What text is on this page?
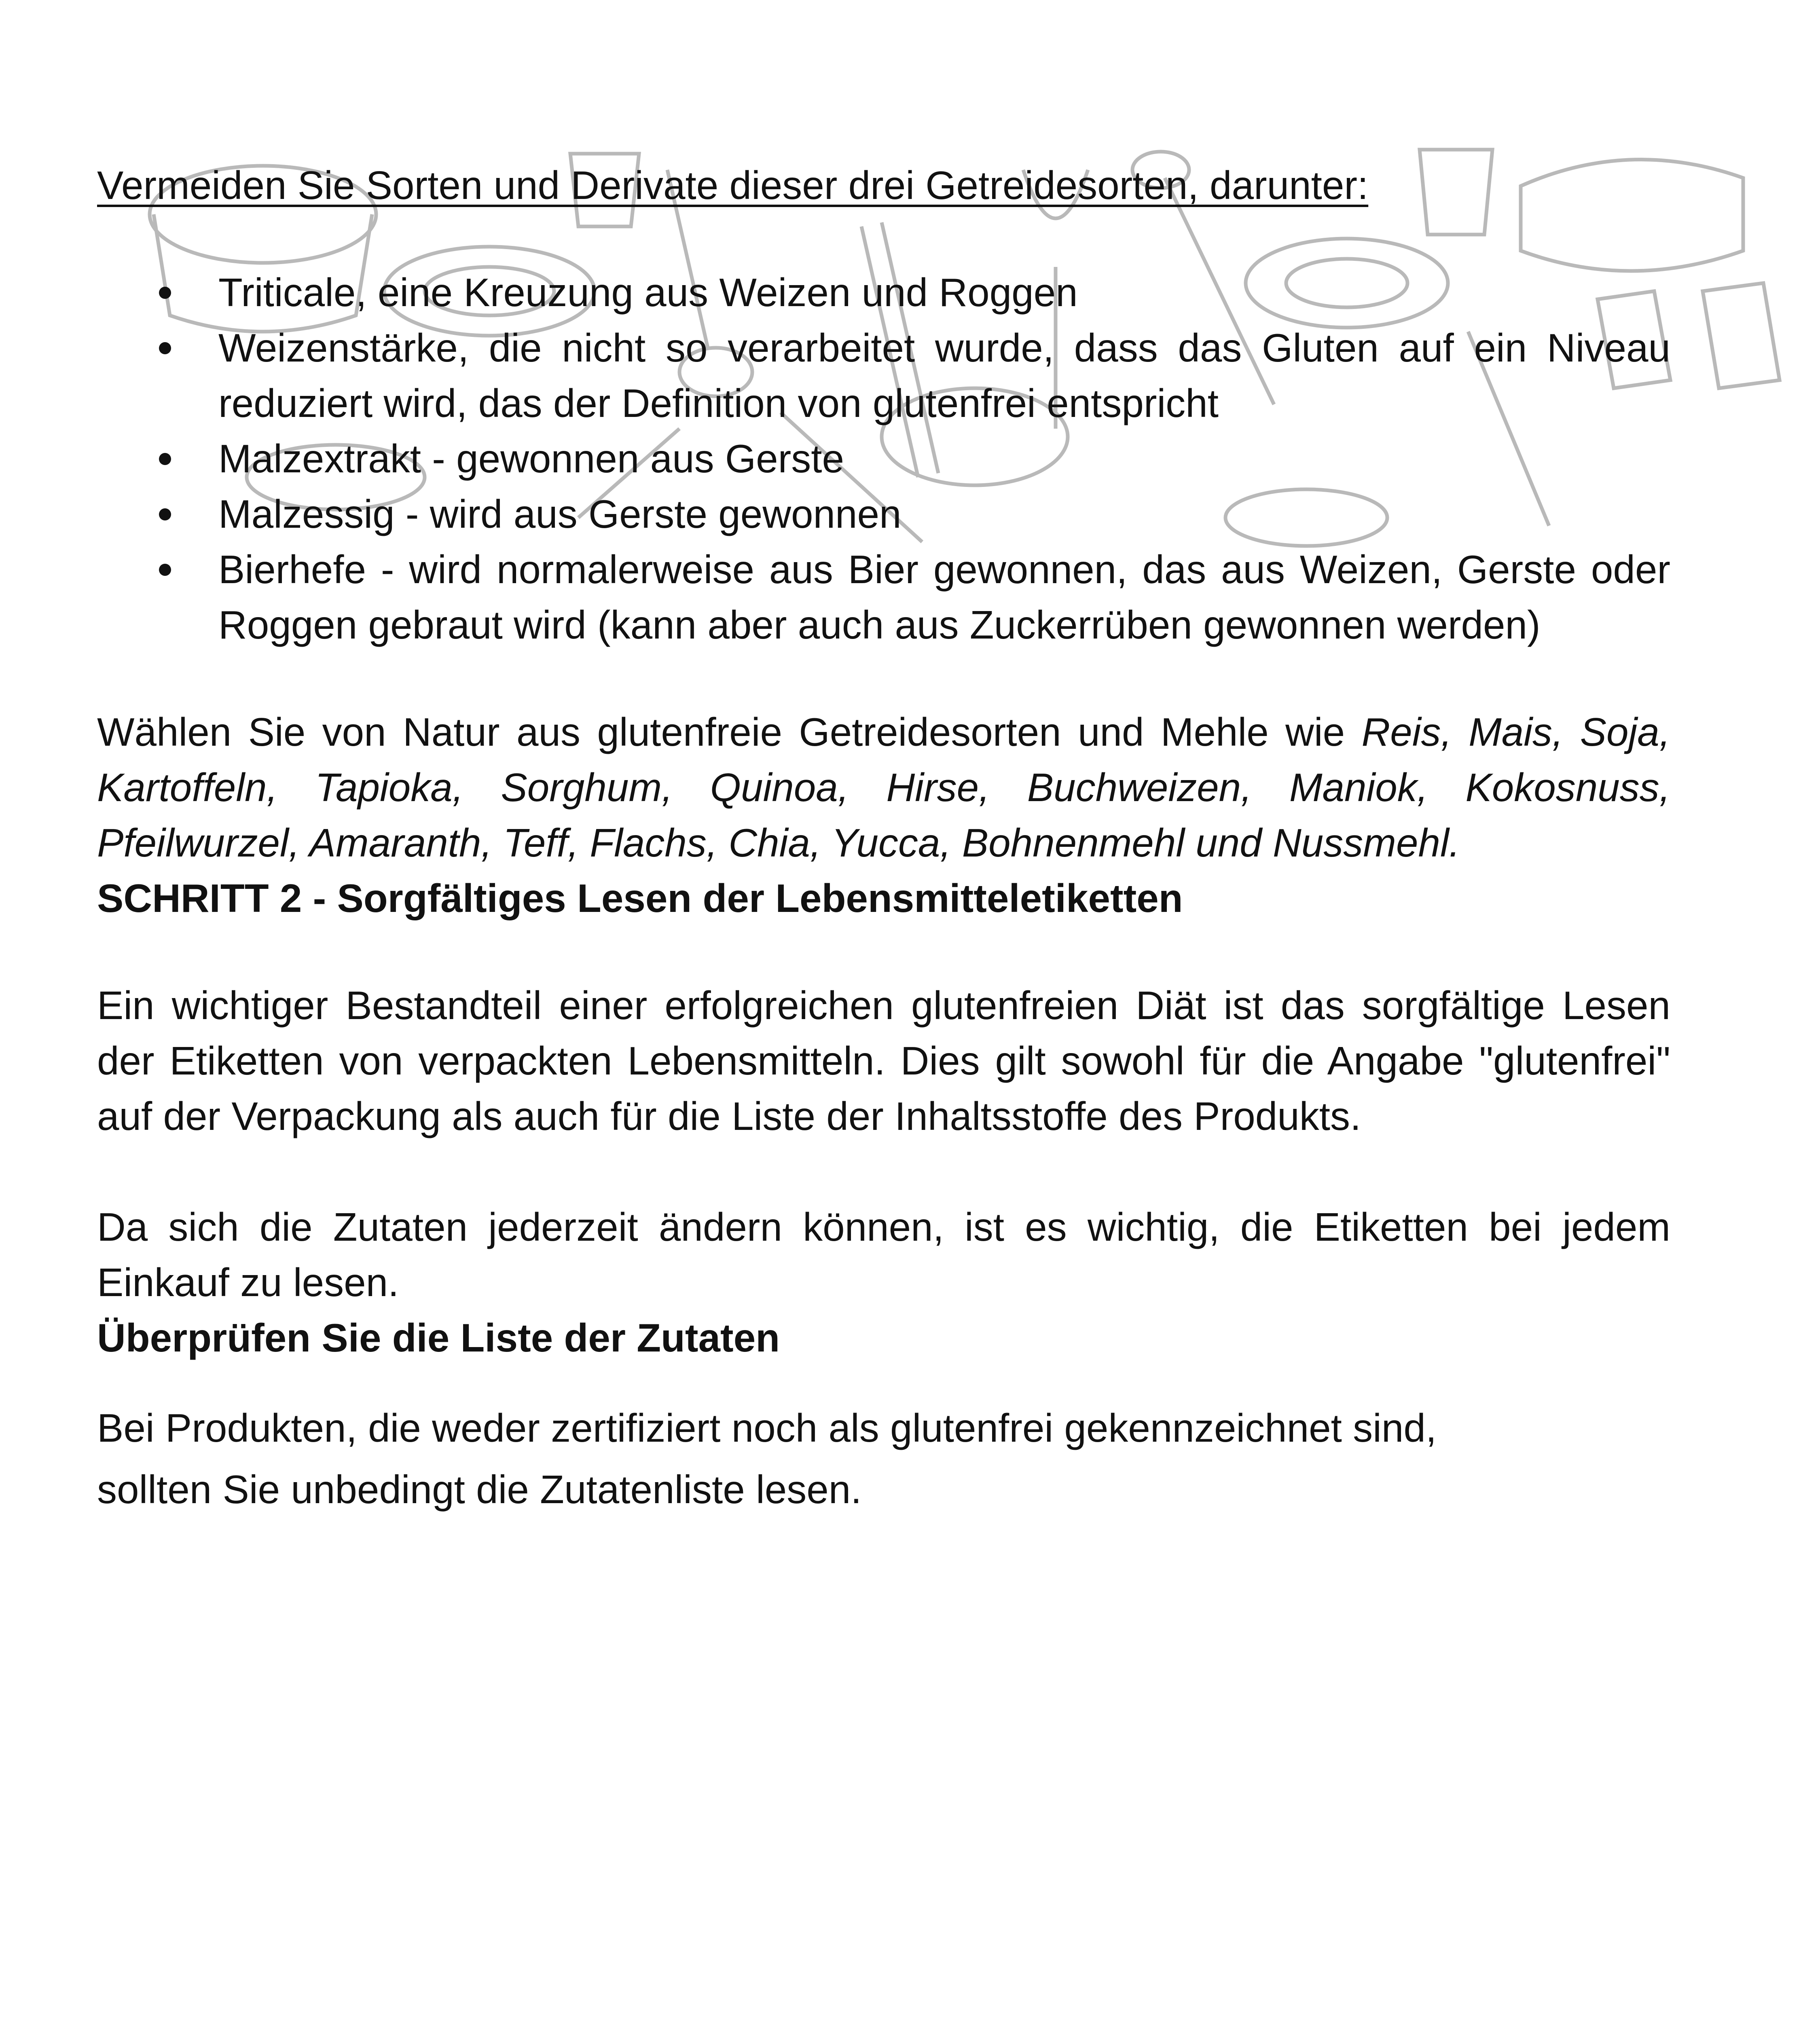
Vermeiden Sie Sorten und Derivate dieser drei Getreidesorten, darunter:

Triticale, eine Kreuzung aus Weizen und Roggen
Weizenstärke, die nicht so verarbeitet wurde, dass das Gluten auf ein Niveau reduziert wird, das der Definition von glutenfrei entspricht
Malzextrakt - gewonnen aus Gerste
Malzessig - wird aus Gerste gewonnen
Bierhefe - wird normalerweise aus Bier gewonnen, das aus Weizen, Gerste oder Roggen gebraut wird (kann aber auch aus Zuckerrüben gewonnen werden)

Wählen Sie von Natur aus glutenfreie Getreidesorten und Mehle wie Reis, Mais, Soja, Kartoffeln, Tapioka, Sorghum, Quinoa, Hirse, Buchweizen, Maniok, Kokosnuss, Pfeilwurzel, Amaranth, Teff, Flachs, Chia, Yucca, Bohnenmehl und Nussmehl.

SCHRITT 2 - Sorgfältiges Lesen der Lebensmitteletiketten

Ein wichtiger Bestandteil einer erfolgreichen glutenfreien Diät ist das sorgfältige Lesen der Etiketten von verpackten Lebensmitteln. Dies gilt sowohl für die Angabe "glutenfrei" auf der Verpackung als auch für die Liste der Inhaltsstoffe des Produkts.

Da sich die Zutaten jederzeit ändern können, ist es wichtig, die Etiketten bei jedem Einkauf zu lesen.

Überprüfen Sie die Liste der Zutaten

Bei Produkten, die weder zertifiziert noch als glutenfrei gekennzeichnet sind,
sollten Sie unbedingt die Zutatenliste lesen.
